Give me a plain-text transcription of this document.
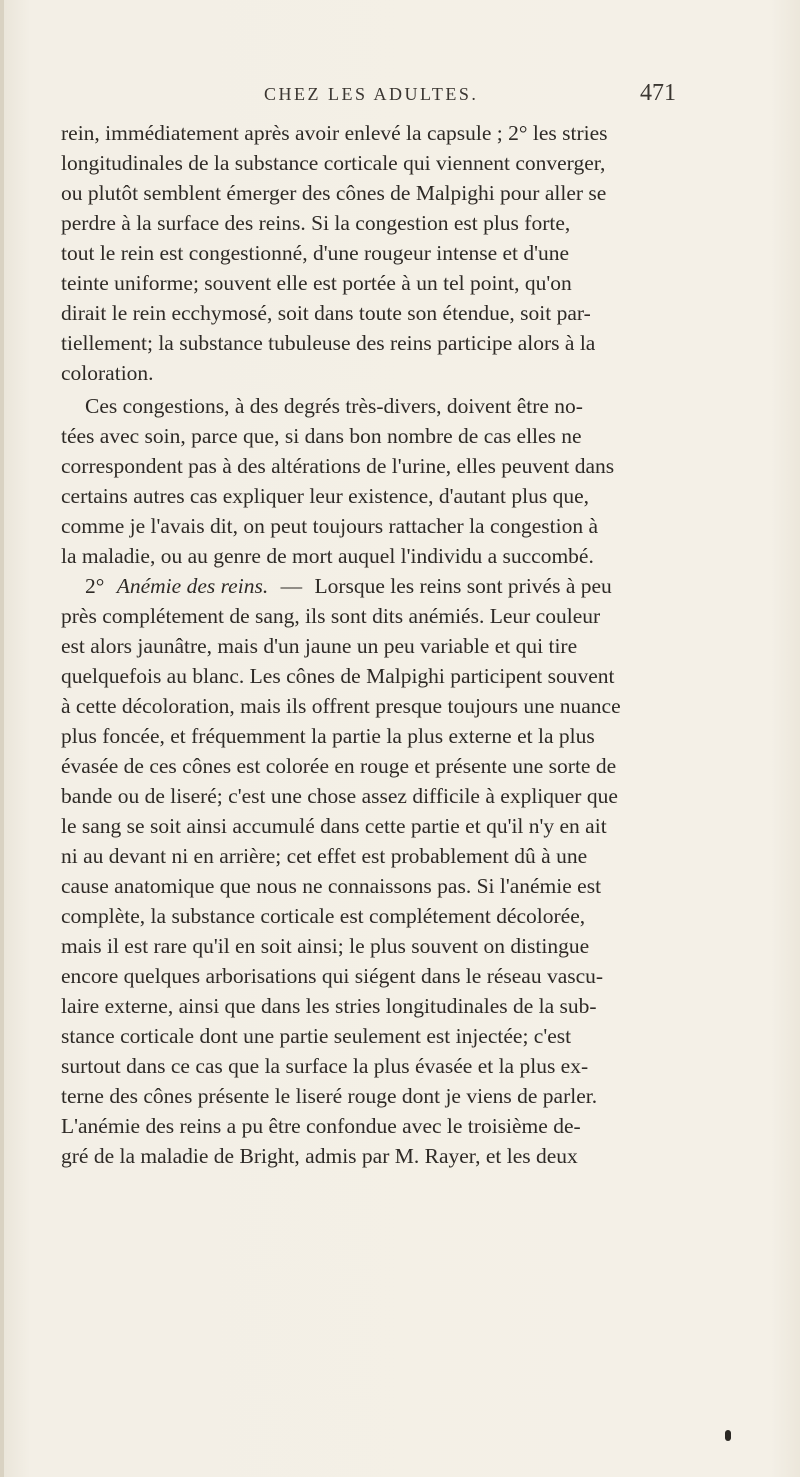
CHEZ LES ADULTES.	471
rein, immédiatement après avoir enlevé la capsule ; 2° les stries
longitudinales de la substance corticale qui viennent converger,
ou plutôt semblent émerger des cônes de Malpighi pour aller se
perdre à la surface des reins. Si la congestion est plus forte,
tout le rein est congestionné, d'une rougeur intense et d'une
teinte uniforme; souvent elle est portée à un tel point, qu'on
dirait le rein ecchymosé, soit dans toute son étendue, soit par-
tiellement; la substance tubuleuse des reins participe alors à la
coloration.
Ces congestions, à des degrés très-divers, doivent être no-
tées avec soin, parce que, si dans bon nombre de cas elles ne
correspondent pas à des altérations de l'urine, elles peuvent dans
certains autres cas expliquer leur existence, d'autant plus que,
comme je l'avais dit, on peut toujours rattacher la congestion à
la maladie, ou au genre de mort auquel l'individu a succombé.
2° Anémie des reins. — Lorsque les reins sont privés à peu
près complétement de sang, ils sont dits anémiés. Leur couleur
est alors jaunâtre, mais d'un jaune un peu variable et qui tire
quelquefois au blanc. Les cônes de Malpighi participent souvent
à cette décoloration, mais ils offrent presque toujours une nuance
plus foncée, et fréquemment la partie la plus externe et la plus
évasée de ces cônes est colorée en rouge et présente une sorte de
bande ou de liseré; c'est une chose assez difficile à expliquer que
le sang se soit ainsi accumulé dans cette partie et qu'il n'y en ait
ni au devant ni en arrière; cet effet est probablement dû à une
cause anatomique que nous ne connaissons pas. Si l'anémie est
complète, la substance corticale est complétement décolorée,
mais il est rare qu'il en soit ainsi; le plus souvent on distingue
encore quelques arborisations qui siégent dans le réseau vascu-
laire externe, ainsi que dans les stries longitudinales de la sub-
stance corticale dont une partie seulement est injectée; c'est
surtout dans ce cas que la surface la plus évasée et la plus ex-
terne des cônes présente le liseré rouge dont je viens de parler.
L'anémie des reins a pu être confondue avec le troisième de-
gré de la maladie de Bright, admis par M. Rayer, et les deux
